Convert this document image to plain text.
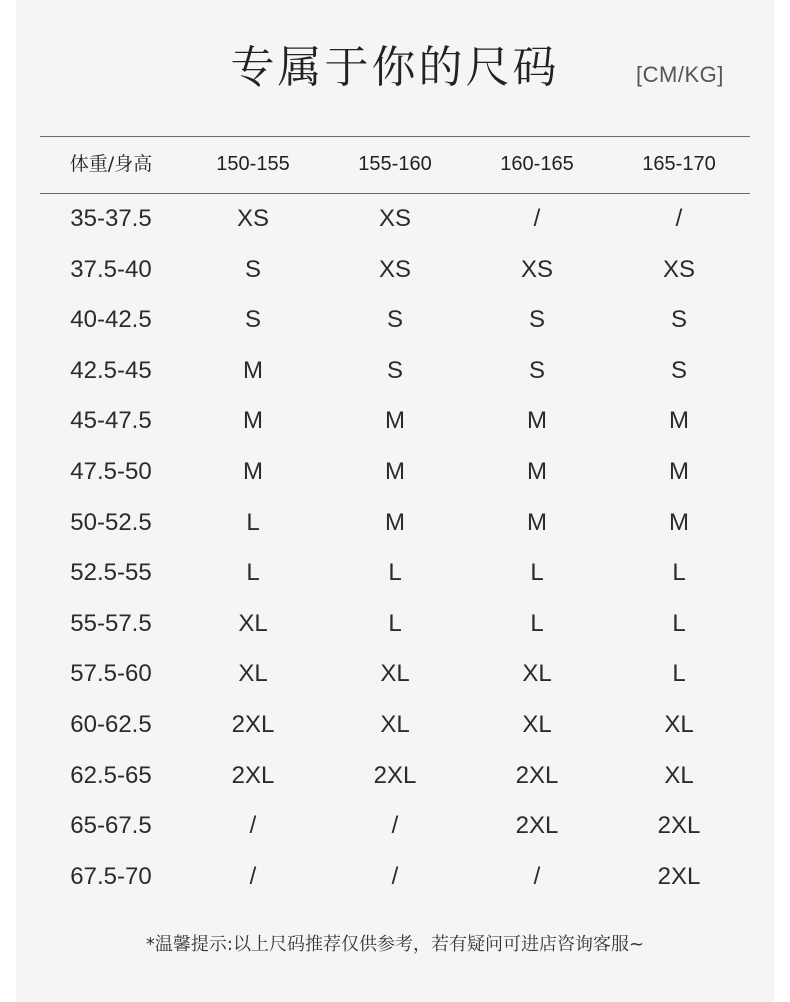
专属于你的尺码	[CM/KG]
体重/身高	150-155	155-160	160-165	165-170
35-37.5	XS	XS	/	/
37.5-40	S	XS	XS	XS
40-42.5	S	S	S	S
42.5-45	M	S	S	S
45-47.5	M	M	M	M
47.5-50	M	M	M	M
50-52.5	L	M	M	M
52.5-55	L	L	L	L
55-57.5	XL	L	L	L
57.5-60	XL	XL	XL	L
60-62.5	2XL	XL	XL	XL
62.5-65	2XL	2XL	2XL	XL
65-67.5	/	/	2XL	2XL
67.5-70	/	/	/	2XL
*温馨提示:以上尺码推荐仅供参考，若有疑问可进店咨询客服~
